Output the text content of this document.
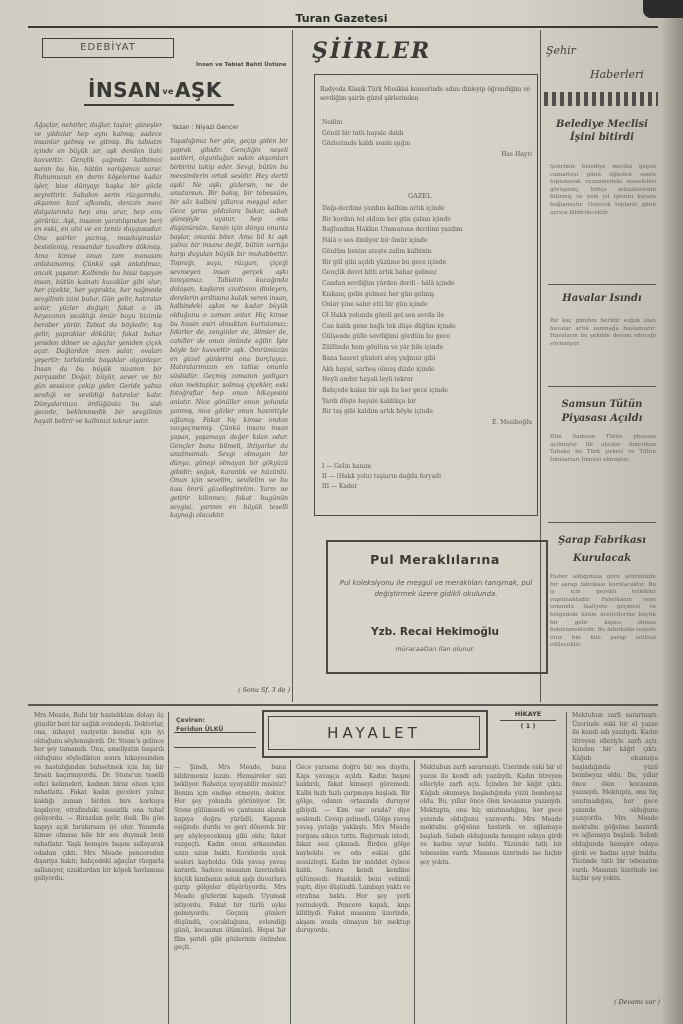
Turan Gazetesi
EDEBİYAT
İnsan ve Tabiat Bahti Üstüne
İNSANveAŞK
Yazan : Niyazi Gencer
Ağaçlar, nehirler, dağlar, taşlar, güneşler ve yıldızlar hep aynı kalmış; sadece insanlar gelmiş ve gitmiş. Bu tabiatın içinde en büyük sır, aşk denilen ilahi kuvvettir. Gençlik çağında kalbimizi saran bu his, bütün varlığımızı sarar. Ruhumuzun en derin köşelerine kadar işler, bize dünyayı başka bir gözle seyrettirir. Sabahın serin rüzgarında, akşamın kızıl ufkunda, denizin mavi dalgalarında hep onu arar, hep onu görürüz. Aşk, insanın yaratılışından beri en eski, en ulvi ve en temiz duygusudur. Onu şairler yazmış, musikişinaslar bestelemiş, ressamlar tuvallere dökmüş. Ama kimse onun tam manasını anlatamamış. Çünkü aşk anlatılmaz, ancak yaşanır. Kalbinde bu hissi taşıyan insan, bütün kainatı kucaklar gibi olur; her çiçekte, her yaprakta, her nağmede sevgilinin izini bulur. Gün gelir, hatıralar solar, yüzler değişir, fakat o ilk heyecanın sıcaklığı ömür boyu bizimle beraber yürür. Tabiat da böyledir; kış gelir, yapraklar dökülür, fakat bahar yeniden döner ve ağaçlar yeniden çiçek açar. Dağlardan inen sular, ovaları yeşertir; tarlalarda başaklar olgunlaşır. İnsan da bu büyük nizamın bir parçasıdır. Doğar, büyür, sever ve bir gün sessizce çekip gider. Geride yalnız sevdiği ve sevildiği hatıralar kalır. Dünyalarınıza ördüğünüz bu sisli gecede, beklenmedik bir sevgilinin hayali belirir ve kalbinizi tekrar ısıtır.
Yaşadığımız her gün, geçip giden bir yaprak gibidir. Gençliğin neşeli saatleri, olgunluğun sakin akşamları birbirini takip eder. Sevgi, bütün bu mevsimlerin ortak sesidir. Hey dertli aşık! Ne aşkı gizlersin, ne de unutursun. Bir bakış, bir tebessüm, bir söz kalbini yıllarca meşgul eder. Gece yarısı yıldızlara bakar, sabah güneşiyle uyanır, hep onu düşünürsün. Senin için dünya onunla başlar, onunla biter. Ama bil ki aşk yalnız bir insana değil, bütün varlığa karşı duyulan büyük bir muhabbettir. Toprağı, suyu, rüzgarı, çiçeği sevmeyen insan gerçek aşkı tanıyamaz. Tabiatın kucağında dolaşan, kuşların cıvıltısını dinleyen, derelerin şırıltısına kulak veren insan, kalbindeki aşkın ne kadar büyük olduğunu o zaman anlar. Hiç kimse bu hissin esiri olmaktan kurtulamaz; fakirler de, zenginler de, âlimler de, cahiller de onun önünde eğilir. İşte böyle bir kuvvettir aşk. Ömrümüzün en güzel günlerini ona borçluyuz. Hatıralarımızın en tatlısı onunla süslüdür. Geçmiş zamanın yadigarı olan mektuplar, solmuş çiçekler, eski fotoğraflar hep onun hikayesini anlatır. Nice gönüller onun yolunda yanmış, nice gözler onun hasretiyle ağlamış. Fakat hiç kimse ondan vazgeçmemiş. Çünkü insanı insan yapan, yaşamaya değer kılan odur. Gençler bunu bilmeli, ihtiyarlar da unutmamalı. Sevgi olmayan bir dünya, güneşi olmayan bir gökyüzü gibidir; soğuk, karanlık ve hüzünlü. Onun için sevelim, sevilelim ve bu kısa ömrü güzelleştirelim. Yarın ne getirir bilinmez; fakat bugünün sevgisi, yarının en büyük teselli kaynağı olacaktır.
( Sonu Sf. 3 de )
ŞİİRLER
Radyoda Klasik Türk Musikisi konserinde adını dinleyip öğrendiğim ve sevdiğim şairin güzel şiirlerinden
Nedim
Gönül bir tatlı hayale daldı
Gözlerimde kaldı senin ışığın
Has Hayri
GAZEL
Dağı-derdimi yazdım kalbim artık içinde
Bir kordan tel oldum her gün çalsın içinde
Bağlandım Hakkın Ummanına derdimi yazdım
Hâlâ o ses dinliyor bir ömür içinde
Gönlüm benim ateşte zalim kalbinin
Bir gül gibi açıldı yüzüme bu gece içinde
Gençlik devri bitti artık bahar gelmez
Candan sevdiğim yârden derdi - hâlâ içinde
Kıskanç gelin gelmez her gün gelmiş
Onlar yine sabır etti bir gün içinde
Ol Hakk yolunda gönül gel sen sevda ile
Can kaldı gene bağlı tek düşe düğüm içinde
Gülşende gülle sevdiğimi gördüm bu gece
Zülfünde hem gönlüm ve yâr bile içinde
Bana hasret günleri ateş yağmur gibi
Aklı hayal, sarhoş olmuş dizde içinde
Heyli ander hayali leyli tekrar
Bahçede kalan bir aşk bu her gece içinde
Yardı düşte hayale kaldıkça bir
Bir taş gibi kaldım artık böyle içinde
E. Mesihoğlu
I — Gelin hanım
II — (Hakk yolu) taşların dağda feryadı
III — Kader
Pul Meraklılarına
Pul koleksiyonu ile meşgul ve meraklıları tanışmak, pul değiştirmek üzere gidikli okulunda.
Yzb. Recai Hekimoğlu
müracaatları ilan olunur.
Şehir
Haberleri
Belediye Meclisi İşini bitirdi
Şehrimiz belediye meclisi geçen cumartesi günü öğleden sonra toplanarak ruznamedeki meseleleri görüşmüş, bütçe müzakeresini bitirmiş ve yeni yıl işlerini karara bağlamıştır. Gelecek toplantı günü ayrıca bildirilecektir.
Havalar Isındı
Bir kaç günden beridir soğuk olan havalar artık ısınmağa başlamıştır. Havaların bu şekilde devam edeceği söyleniyor.
Samsun Tütün Piyasası Açıldı
Dün Samsun Tütün piyasası açılmıştır. İlk alıcılar Amerikan Tabako ile Türk şirketi ve Tütün İnhisarları İdaresi olmuştur.
Şarap Fabrikası Kurulacak
Haber aldığımıza göre şehrimizde bir şarap fabrikası kurulacaktır. Bu iş için gerekli tetkikler yapılmaktadır. Fabrikanın sene sonunda faaliyete geçmesi ve bölgedeki üzüm üreticilerine büyük bir gelir kapısı olması beklenmektedir. Bu fabrikada senede otuz bin kilo şarap istihsal edilecektir.
Çeviren:
Feridun ÜLKÜ	HAYALET
HİKAYE
( 1 )
Mrs Meade, Ruhi bir hastalıktan dolayı üç gündür beri bir sağlık evindeydi. Doktorlar, ona, nihayet vaziyetin kendisi için iyi olduğunu söylemişlerdi. Dr. Stone'a gelince her şey tamamdı. Onu, ameliyatın başarılı olduğunu söyledikten sonra hikayesinden ve hastalığından bahsetmek için hiç bir fırsatı kaçırmıyordu. Dr. Stone'un teselli edici kelimeleri, kadının biraz olsun içini rahatlattı. Fakat kadın geceleri yalnız kaldığı zaman birden bire korkuya kapılıyor, etrafındaki sessizlik ona tuhaf geliyordu. — Birazdan gelir, dedi. Bu gün kapıyı açık bırakırsam iyi olur. Yanımda kimse olmasa bile bir ses duymak beni rahatlatır. Yaşlı hemşire başını sallayarak odadan çıktı. Mrs Meade pencereden dışarıya baktı; bahçedeki ağaçlar rüzgarla sallanıyor, uzaklardan bir köpek havlaması geliyordu.
— Şimdi, Mrs Meade, bana bildirmeniz lazım. Hemşireler sizi bekliyor. Rahatça uyuyabilir misiniz? Benim için endişe etmeyin, doktor. Her şey yolunda görünüyor. Dr. Stone gülümsedi ve çantasını alarak kapıya doğru yürüdü. Kapının eşiğinde durdu ve geri dönerek bir şey söyleyecekmiş gibi oldu; fakat vazgeçti. Kadın onun arkasından uzun uzun baktı. Koridorda ayak sesleri kayboldu. Oda yavaş yavaş karardı. Sadece masanın üzerindeki küçük lambanın soluk ışığı duvarlara garip gölgeler düşürüyordu. Mrs Meade gözlerini kapadı. Uyumak istiyordu. Fakat bir türlü uyku gelmiyordu. Geçmiş günleri düşündü, çocukluğunu, evlendiği günü, kocasının ölümünü. Hepsi bir film şeridi gibi gözlerinin önünden geçti.
Gece yarısına doğru bir ses duydu. Kapı yavaşça açıldı. Kadın başını kaldırdı, fakat kimseyi göremedi. Kalbi hızlı hızlı çarpmaya başladı. Bir gölge, odanın ortasında duruyor gibiydi. — Kim var orada? diye seslendi. Cevap gelmedi. Gölge yavaş yavaş yatağa yaklaştı. Mrs Meade yorganı sıkıca tuttu. Bağırmak istedi, fakat sesi çıkmadı. Birden gölge kayboldu ve oda eskisi gibi sessizleşti. Kadın bir müddet öylece kaldı. Sonra kendi kendine gülümsedi: Hastalık beni vehimli yaptı, diye düşündü. Lambayı yaktı ve etrafına baktı. Her şey yerli yerindeydi. Pencere kapalı, kapı kilitliydi. Fakat masanın üzerinde, akşam orada olmayan bir mektup duruyordu.
Mektubun zarfı sararmıştı. Üzerinde eski bir el yazısı ile kendi adı yazılıydı. Kadın titreyen elleriyle zarfı açtı. İçinden bir kâğıt çıktı. Kâğıdı okumaya başladığında yüzü bembeyaz oldu. Bu, yıllar önce ölen kocasının yazısıydı. Mektupta, onu hiç unutmadığını, her gece yanında olduğunu yazıyordu. Mrs Meade mektubu göğsüne bastırdı ve ağlamaya başladı. Sabah olduğunda hemşire odaya girdi ve kadını uyur buldu. Yüzünde tatlı bir tebessüm vardı. Masanın üzerinde ise hiçbir şey yoktu.
Mektubun zarfı sararmıştı. Üzerinde eski bir el yazısı ile kendi adı yazılıydı. Kadın titreyen elleriyle zarfı açtı. İçinden bir kâğıt çıktı. Kâğıdı okumaya başladığında yüzü bembeyaz oldu. Bu, yıllar önce ölen kocasının yazısıydı. Mektupta, onu hiç unutmadığını, her gece yanında olduğunu yazıyordu. Mrs Meade mektubu göğsüne bastırdı ve ağlamaya başladı. Sabah olduğunda hemşire odaya girdi ve kadını uyur buldu. Yüzünde tatlı bir tebessüm vardı. Masanın üzerinde ise hiçbir şey yoktu.
( Devamı var )
